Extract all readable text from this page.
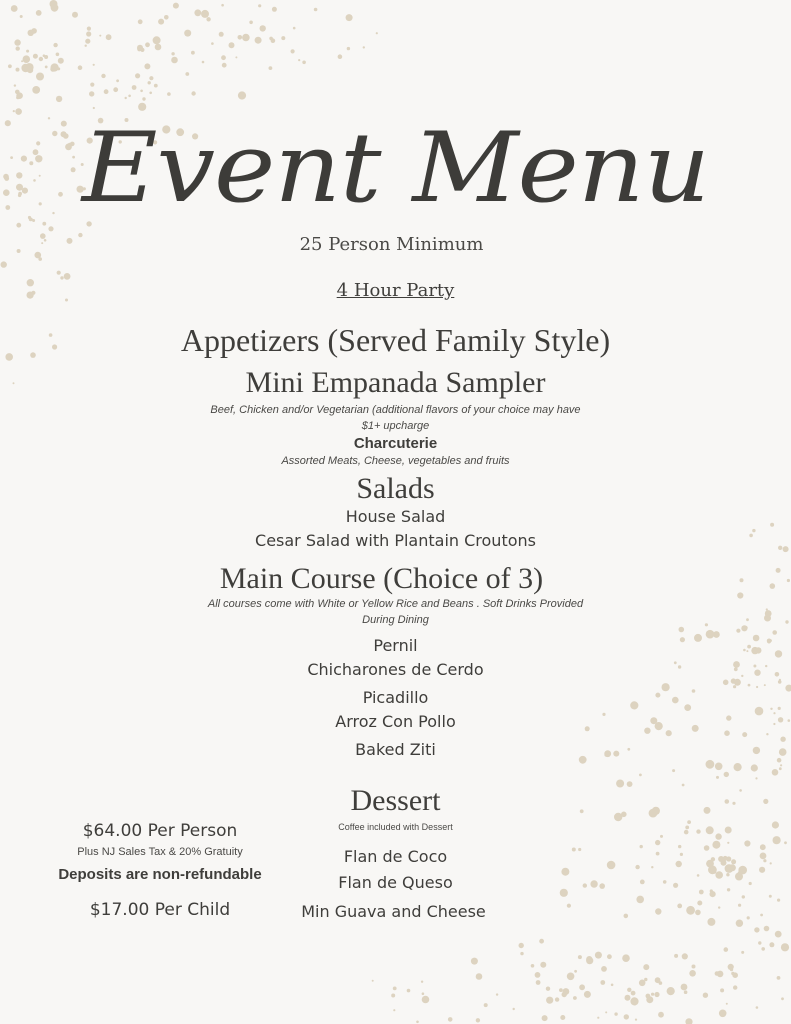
Event Menu
25 Person Minimum
4 Hour Party
Appetizers (Served Family Style)
Mini Empanada Sampler
Beef, Chicken and/or Vegetarian (additional flavors of your choice may have
$1+ upcharge
Charcuterie
Assorted Meats, Cheese, vegetables and fruits
Salads
House Salad
Cesar Salad with Plantain Croutons
Main Course (Choice of 3)
All courses come with White or Yellow Rice and Beans . Soft Drinks Provided
During Dining
Pernil
Chicharones de Cerdo
Picadillo
Arroz Con Pollo
Baked Ziti
Dessert
Coffee included with Dessert
Flan de Coco
Flan de Queso
Min Guava and Cheese
$64.00 Per Person
Plus NJ Sales Tax & 20% Gratuity
Deposits are non-refundable
$17.00 Per Child
